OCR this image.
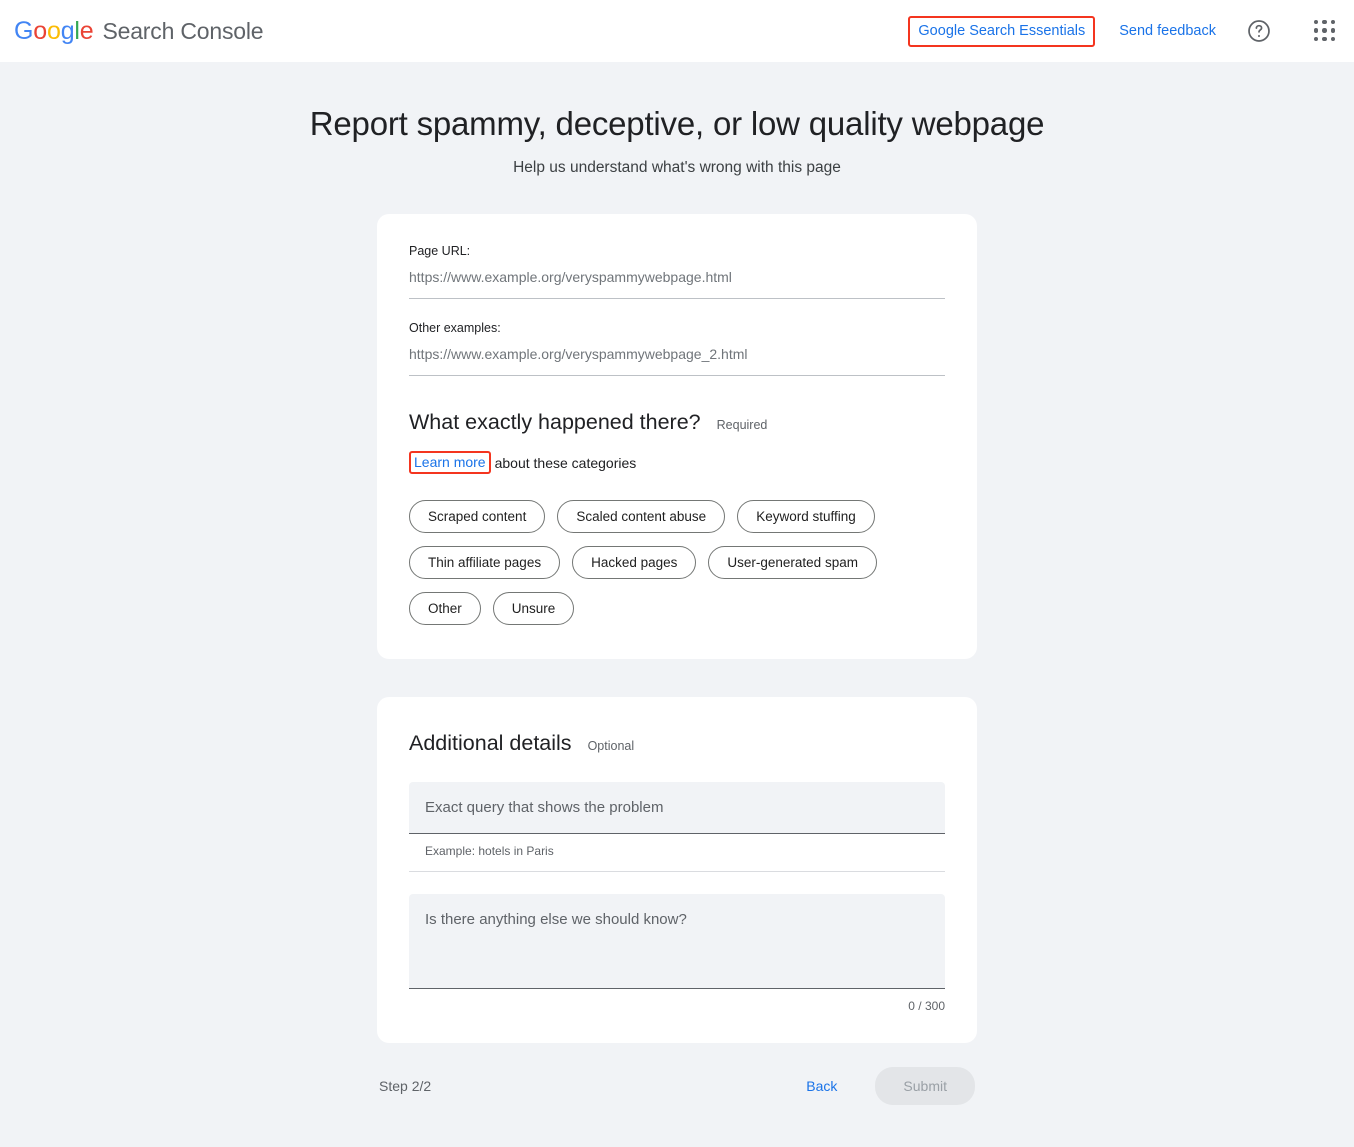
G o o g l e Search Console	Google Search Essentials	Send feedback
Report spammy, deceptive, or low quality webpage

Help us understand what's wrong with this page

Page URL:
https://www.example.org/veryspammywebpage.html
Other examples:
https://www.example.org/veryspammywebpage_2.html
What exactly happened there? Required
Learn more about these categories
Scraped content	Scaled content abuse	Keyword stuffing
Thin affiliate pages	Hacked pages	User-generated spam
Other	Unsure
Additional details Optional
Exact query that shows the problem
Example: hotels in Paris
Is there anything else we should know?
0 / 300
Step 2/2	Back	Submit
